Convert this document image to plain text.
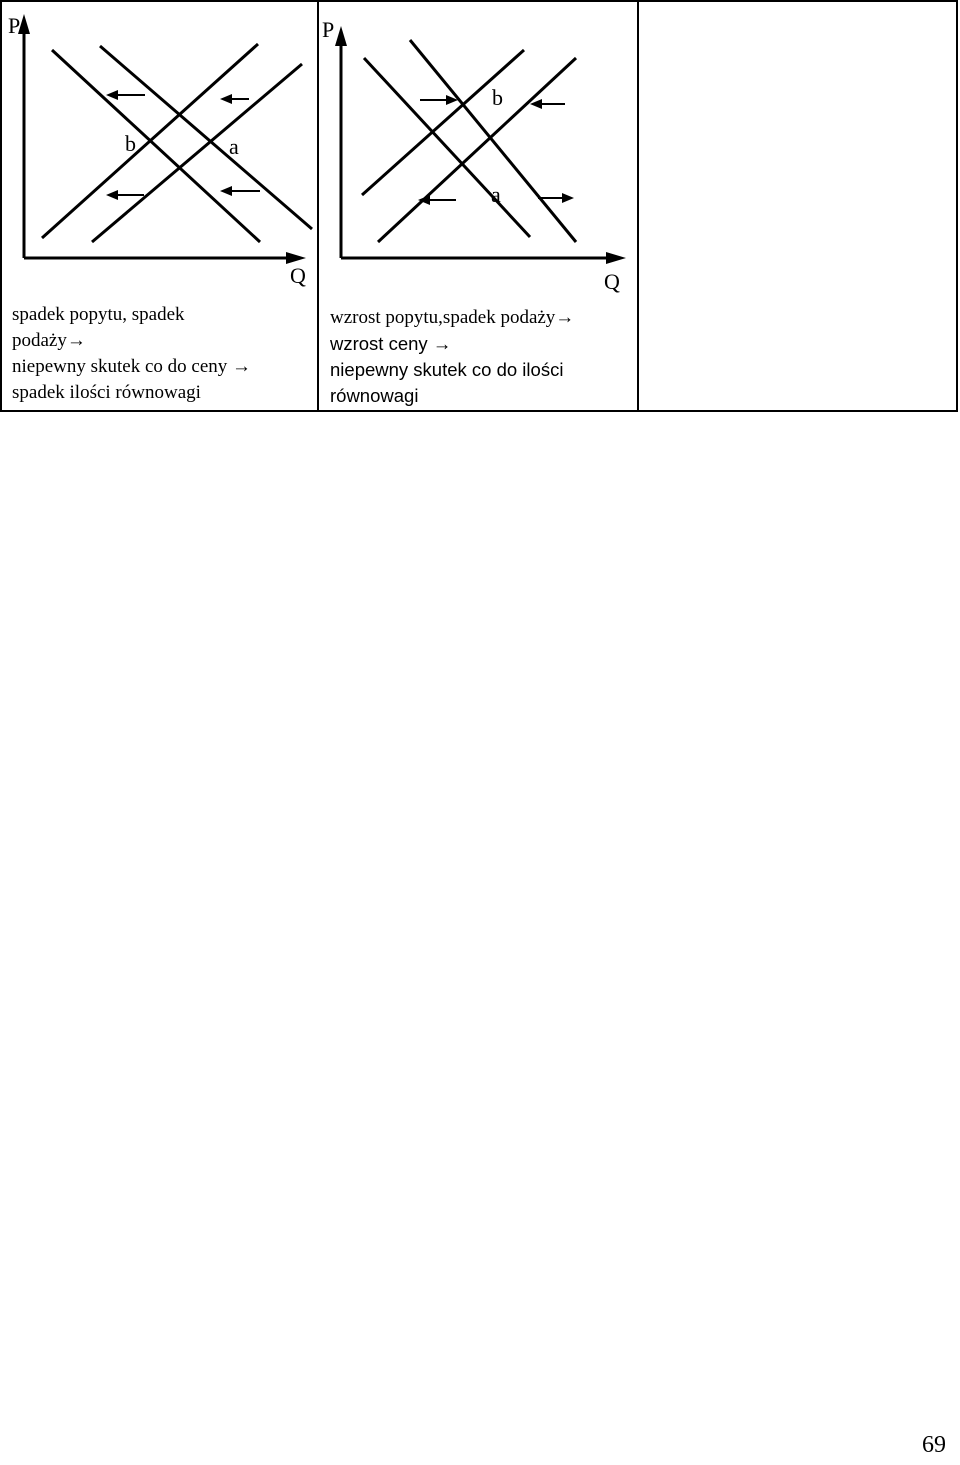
P
Q
b	a
spadek popytu, spadek
podaży→
niepewny skutek co do ceny →
spadek ilości równowagi
P
Q
b
a
wzrost popytu,spadek podaży→
wzrost ceny →
niepewny skutek co do ilości
równowagi
69
